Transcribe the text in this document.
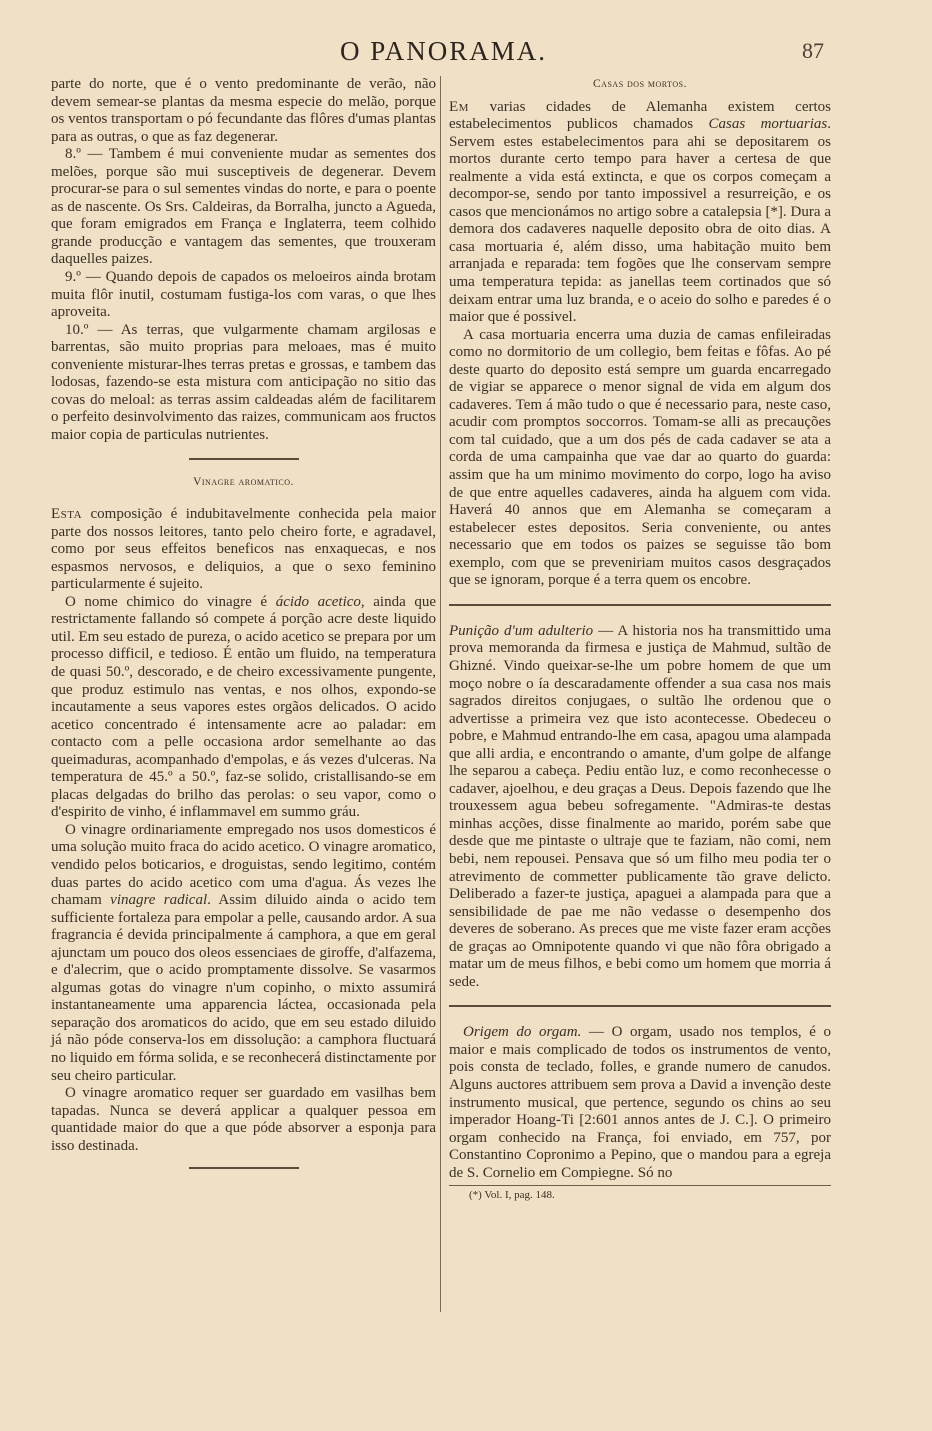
O PANORAMA.	87

parte do norte, que é o vento predominante de verão, não devem semear-se plantas da mesma especie do melão, porque os ventos transportam o pó fecundante das flôres d'umas plantas para as outras, o que as faz degenerar.

8.º — Tambem é mui conveniente mudar as sementes dos melões, porque são mui susceptiveis de degenerar. Devem procurar-se para o sul sementes vindas do norte, e para o poente as de nascente. Os Srs. Caldeiras, da Borralha, juncto a Agueda, que foram emigrados em França e Inglaterra, teem colhido grande producção e vantagem das sementes, que trouxeram daquelles paizes.

9.º — Quando depois de capados os meloeiros ainda brotam muita flôr inutil, costumam fustiga-los com varas, o que lhes aproveita.

10.º — As terras, que vulgarmente chamam argilosas e barrentas, são muito proprias para meloaes, mas é muito conveniente misturar-lhes terras pretas e grossas, e tambem das lodosas, fazendo-se esta mistura com anticipação no sitio das covas do meloal: as terras assim caldeadas além de facilitarem o perfeito desinvolvimento das raizes, communicam aos fructos maior copia de particulas nutrientes.

Vinagre aromatico.

Esta composição é indubitavelmente conhecida pela maior parte dos nossos leitores, tanto pelo cheiro forte, e agradavel, como por seus effeitos beneficos nas enxaquecas, e nos espasmos nervosos, e deliquios, a que o sexo feminino particularmente é sujeito.

O nome chimico do vinagre é ácido acetico, ainda que restrictamente fallando só compete á porção acre deste liquido util. Em seu estado de pureza, o acido acetico se prepara por um processo difficil, e tedioso. É então um fluido, na temperatura de quasi 50.º, descorado, e de cheiro excessivamente pungente, que produz estimulo nas ventas, e nos olhos, expondo-se incautamente a seus vapores estes orgãos delicados. O acido acetico concentrado é intensamente acre ao paladar: em contacto com a pelle occasiona ardor semelhante ao das queimaduras, acompanhado d'empolas, e ás vezes d'ulceras. Na temperatura de 45.º a 50.º, faz-se solido, cristallisando-se em placas delgadas do brilho das perolas: o seu vapor, como o d'espirito de vinho, é inflammavel em summo gráu.

O vinagre ordinariamente empregado nos usos domesticos é uma solução muito fraca do acido acetico. O vinagre aromatico, vendido pelos boticarios, e droguistas, sendo legitimo, contém duas partes do acido acetico com uma d'agua. Ás vezes lhe chamam vinagre radical. Assim diluido ainda o acido tem sufficiente fortaleza para empolar a pelle, causando ardor. A sua fragrancia é devida principalmente á camphora, a que em geral ajunctam um pouco dos oleos essenciaes de giroffe, d'alfazema, e d'alecrim, que o acido promptamente dissolve. Se vasarmos algumas gotas do vinagre n'um copinho, o mixto assumirá instantaneamente uma apparencia láctea, occasionada pela separação dos aromaticos do acido, que em seu estado diluido já não póde conserva-los em dissolução: a camphora fluctuará no liquido em fórma solida, e se reconhecerá distinctamente por seu cheiro particular.

O vinagre aromatico requer ser guardado em vasilhas bem tapadas. Nunca se deverá applicar a qualquer pessoa em quantidade maior do que a que póde absorver a esponja para isso destinada.

Casas dos mortos.

Em varias cidades de Alemanha existem certos estabelecimentos publicos chamados Casas mortuarias. Servem estes estabelecimentos para ahi se depositarem os mortos durante certo tempo para haver a certesa de que realmente a vida está extincta, e que os corpos começam a decompor-se, sendo por tanto impossivel a resurreição, e os casos que mencionámos no artigo sobre a catalepsia [*]. Dura a demora dos cadaveres naquelle deposito obra de oito dias. A casa mortuaria é, além disso, uma habitação muito bem arranjada e reparada: tem fogões que lhe conservam sempre uma temperatura tepida: as janellas teem cortinados que só deixam entrar uma luz branda, e o aceio do solho e paredes é o maior que é possivel.

A casa mortuaria encerra uma duzia de camas enfileiradas como no dormitorio de um collegio, bem feitas e fôfas. Ao pé deste quarto do deposito está sempre um guarda encarregado de vigiar se apparece o menor signal de vida em algum dos cadaveres. Tem á mão tudo o que é necessario para, neste caso, acudir com promptos soccorros. Tomam-se alli as precauções com tal cuidado, que a um dos pés de cada cadaver se ata a corda de uma campainha que vae dar ao quarto do guarda: assim que ha um minimo movimento do corpo, logo ha aviso de que entre aquelles cadaveres, ainda ha alguem com vida. Haverá 40 annos que em Alemanha se começaram a estabelecer estes depositos. Seria conveniente, ou antes necessario que em todos os paizes se seguisse tão bom exemplo, com que se preveniriam muitos casos desgraçados que se ignoram, porque é a terra quem os encobre.

Punição d'um adulterio — A historia nos ha transmittido uma prova memoranda da firmesa e justiça de Mahmud, sultão de Ghizné. Vindo queixar-se-lhe um pobre homem de que um moço nobre o ía descaradamente offender a sua casa nos mais sagrados direitos conjugaes, o sultão lhe ordenou que o advertisse a primeira vez que isto acontecesse. Obedeceu o pobre, e Mahmud entrando-lhe em casa, apagou uma alampada que alli ardia, e encontrando o amante, d'um golpe de alfange lhe separou a cabeça. Pediu então luz, e como reconhecesse o cadaver, ajoelhou, e deu graças a Deus. Depois fazendo que lhe trouxessem agua bebeu sofregamente. "Admiras-te destas minhas acções, disse finalmente ao marido, porém sabe que desde que me pintaste o ultraje que te faziam, não comi, nem bebi, nem repousei. Pensava que só um filho meu podia ter o atrevimento de commetter publicamente tão grave delicto. Deliberado a fazer-te justiça, apaguei a alampada para que a sensibilidade de pae me não vedasse o desempenho dos deveres de soberano. As preces que me viste fazer eram acções de graças ao Omnipotente quando vi que não fôra obrigado a matar um de meus filhos, e bebi como um homem que morria á sede.

Origem do orgam. — O orgam, usado nos templos, é o maior e mais complicado de todos os instrumentos de vento, pois consta de teclado, folles, e grande numero de canudos. Alguns auctores attribuem sem prova a David a invenção deste instrumento musical, que pertence, segundo os chins ao seu imperador Hoang-Ti [2:601 annos antes de J. C.]. O primeiro orgam conhecido na França, foi enviado, em 757, por Constantino Copronimo a Pepino, que o mandou para a egreja de S. Cornelio em Compiegne. Só no

(*) Vol. I, pag. 148.
